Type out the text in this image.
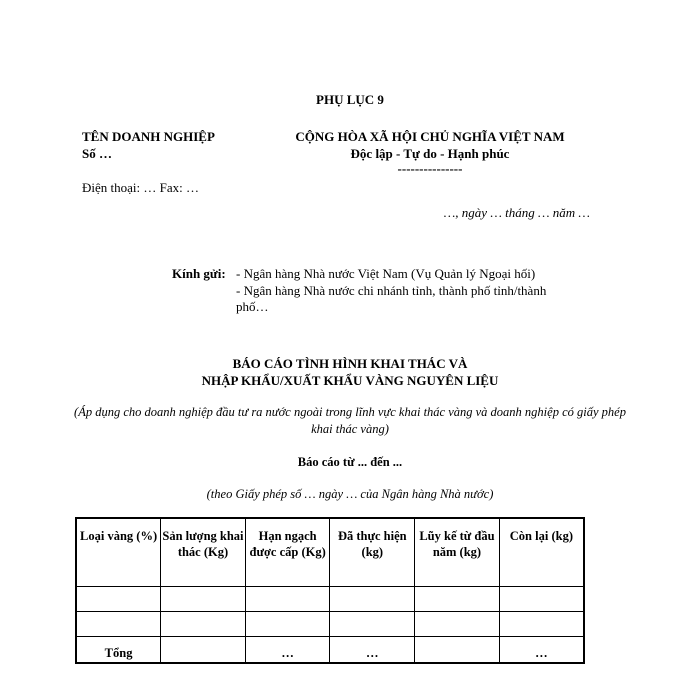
PHỤ LỤC 9
TÊN DOANH NGHIỆP
Số …
CỘNG HÒA XÃ HỘI CHỦ NGHĨA VIỆT NAM
Độc lập - Tự do - Hạnh phúc
---------------
Điện thoại: … Fax: …
…, ngày … tháng … năm …
Kính gửi: - Ngân hàng Nhà nước Việt Nam (Vụ Quản lý Ngoại hối)
- Ngân hàng Nhà nước chi nhánh tỉnh, thành phố tỉnh/thành phố…
BÁO CÁO TÌNH HÌNH KHAI THÁC VÀ
NHẬP KHẨU/XUẤT KHẨU VÀNG NGUYÊN LIỆU
(Áp dụng cho doanh nghiệp đầu tư ra nước ngoài trong lĩnh vực khai thác vàng và doanh nghiệp có giấy phép khai thác vàng)
Báo cáo từ ... đến ...
(theo Giấy phép số … ngày … của Ngân hàng Nhà nước)
Loại vàng (%)	Sản lượng khai thác (Kg)	Hạn ngạch được cấp (Kg)	Đã thực hiện (kg)	Lũy kế từ đầu năm (kg)	Còn lại (kg)

Tổng		…	…		…
